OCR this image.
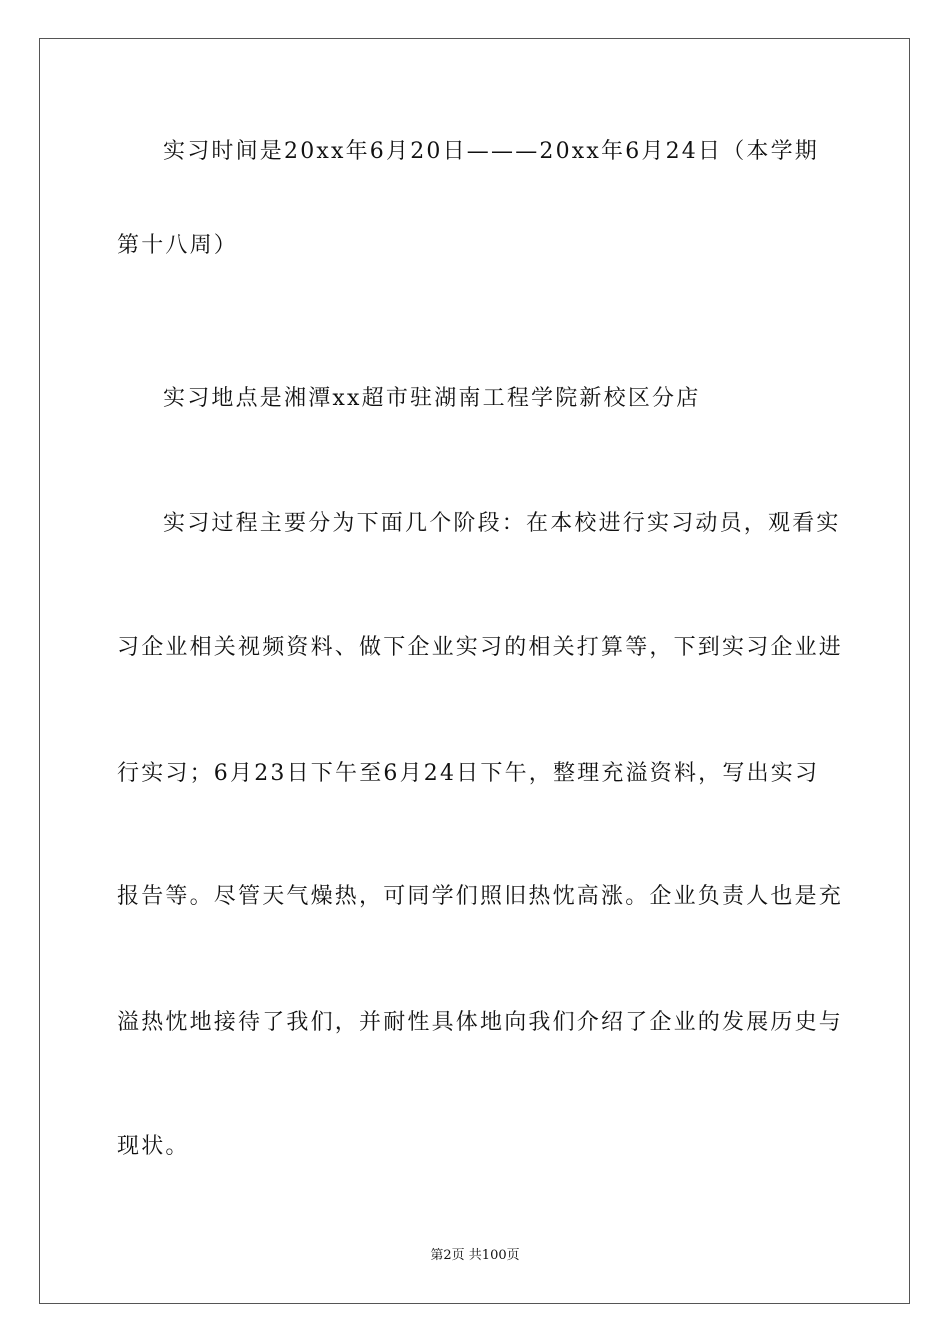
实习时间是20xx年6月20日———20xx年6月24日（本学期
第十八周）
实习地点是湘潭xx超市驻湖南工程学院新校区分店
实习过程主要分为下面几个阶段：在本校进行实习动员，观看实
习企业相关视频资料、做下企业实习的相关打算等，下到实习企业进
行实习；6月23日下午至6月24日下午，整理充溢资料，写出实习
报告等。尽管天气燥热，可同学们照旧热忱高涨。企业负责人也是充
溢热忱地接待了我们，并耐性具体地向我们介绍了企业的发展历史与
现状。
第2页 共100页
